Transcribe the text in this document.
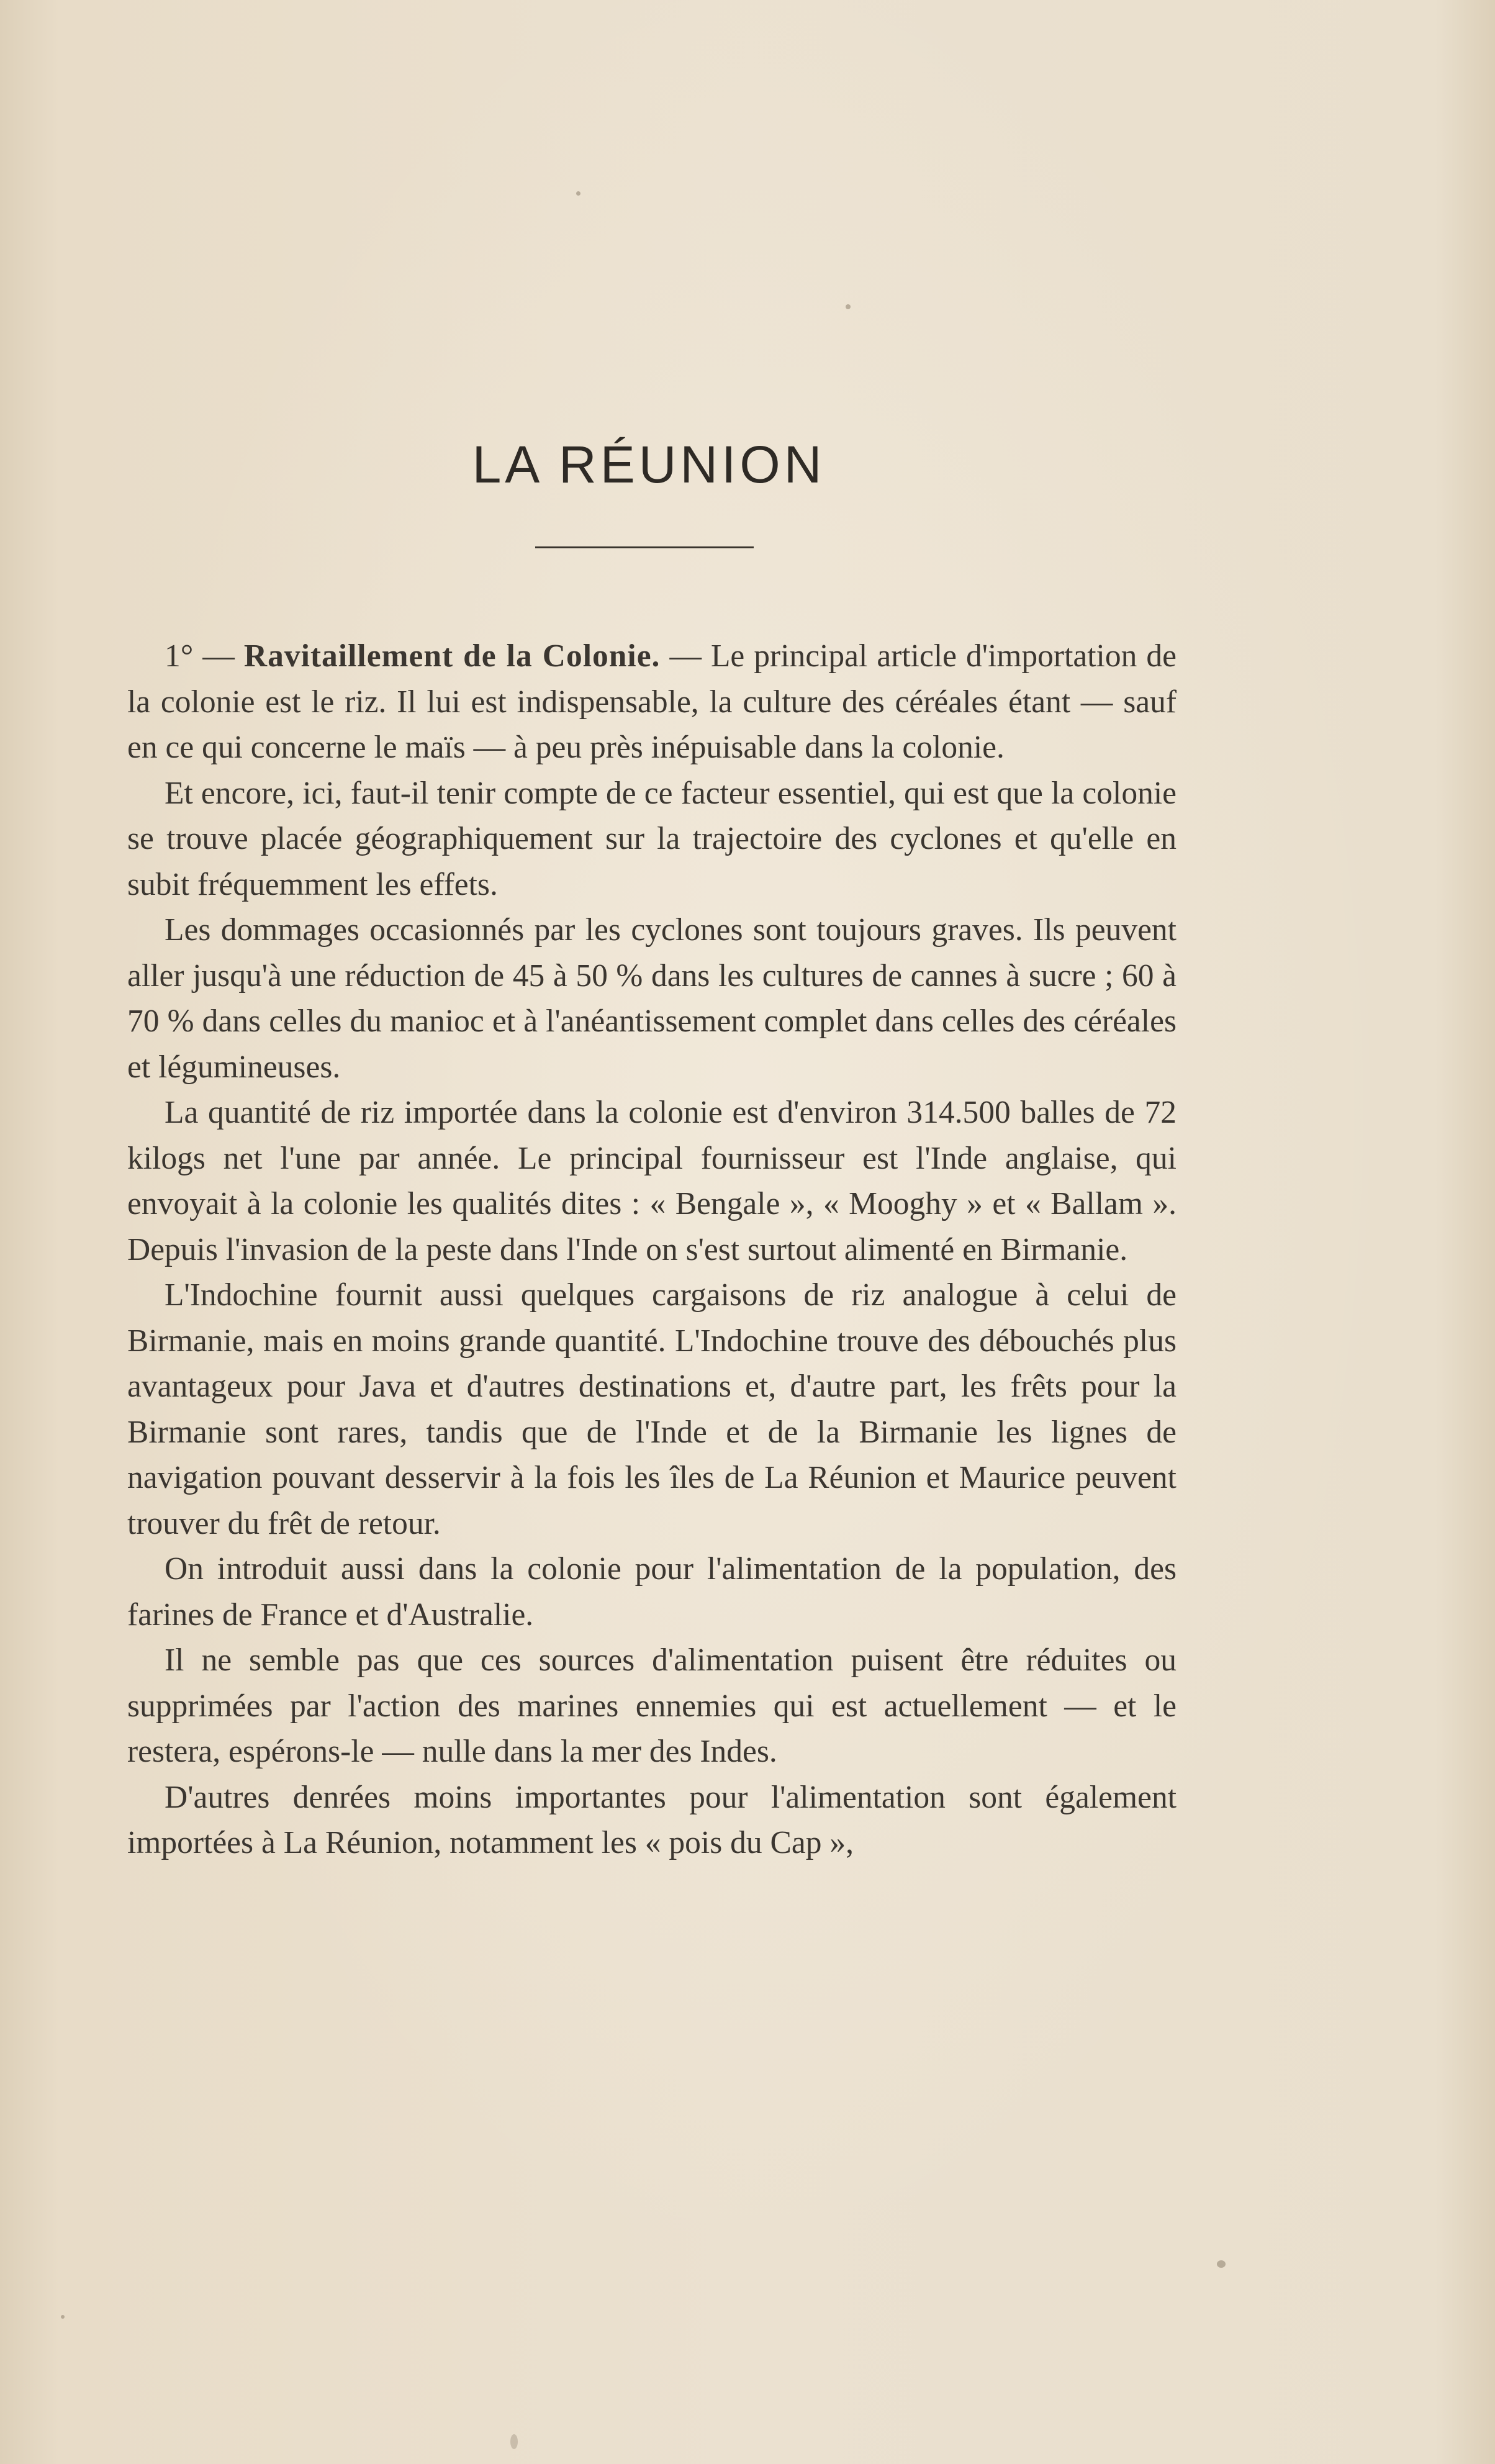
LA RÉUNION

1° — Ravitaillement de la Colonie. — Le principal article d'importation de la colonie est le riz. Il lui est indispensable, la culture des céréales étant — sauf en ce qui concerne le maïs — à peu près inépuisable dans la colonie.

Et encore, ici, faut-il tenir compte de ce facteur essentiel, qui est que la colonie se trouve placée géographiquement sur la trajectoire des cyclones et qu'elle en subit fréquemment les effets.

Les dommages occasionnés par les cyclones sont toujours graves. Ils peuvent aller jusqu'à une réduction de 45 à 50 % dans les cultures de cannes à sucre ; 60 à 70 % dans celles du manioc et à l'anéantissement complet dans celles des céréales et légumineuses.

La quantité de riz importée dans la colonie est d'environ 314.500 balles de 72 kilogs net l'une par année. Le principal fournisseur est l'Inde anglaise, qui envoyait à la colonie les qualités dites : « Bengale », « Mooghy » et « Ballam ». Depuis l'invasion de la peste dans l'Inde on s'est surtout alimenté en Birmanie.

L'Indochine fournit aussi quelques cargaisons de riz analogue à celui de Birmanie, mais en moins grande quantité. L'Indochine trouve des débouchés plus avantageux pour Java et d'autres destinations et, d'autre part, les frêts pour la Birmanie sont rares, tandis que de l'Inde et de la Birmanie les lignes de navigation pouvant desservir à la fois les îles de La Réunion et Maurice peuvent trouver du frêt de retour.

On introduit aussi dans la colonie pour l'alimentation de la population, des farines de France et d'Australie.

Il ne semble pas que ces sources d'alimentation puisent être réduites ou supprimées par l'action des marines ennemies qui est actuellement — et le restera, espérons-le — nulle dans la mer des Indes.

D'autres denrées moins importantes pour l'alimentation sont également importées à La Réunion, notamment les « pois du Cap »,
